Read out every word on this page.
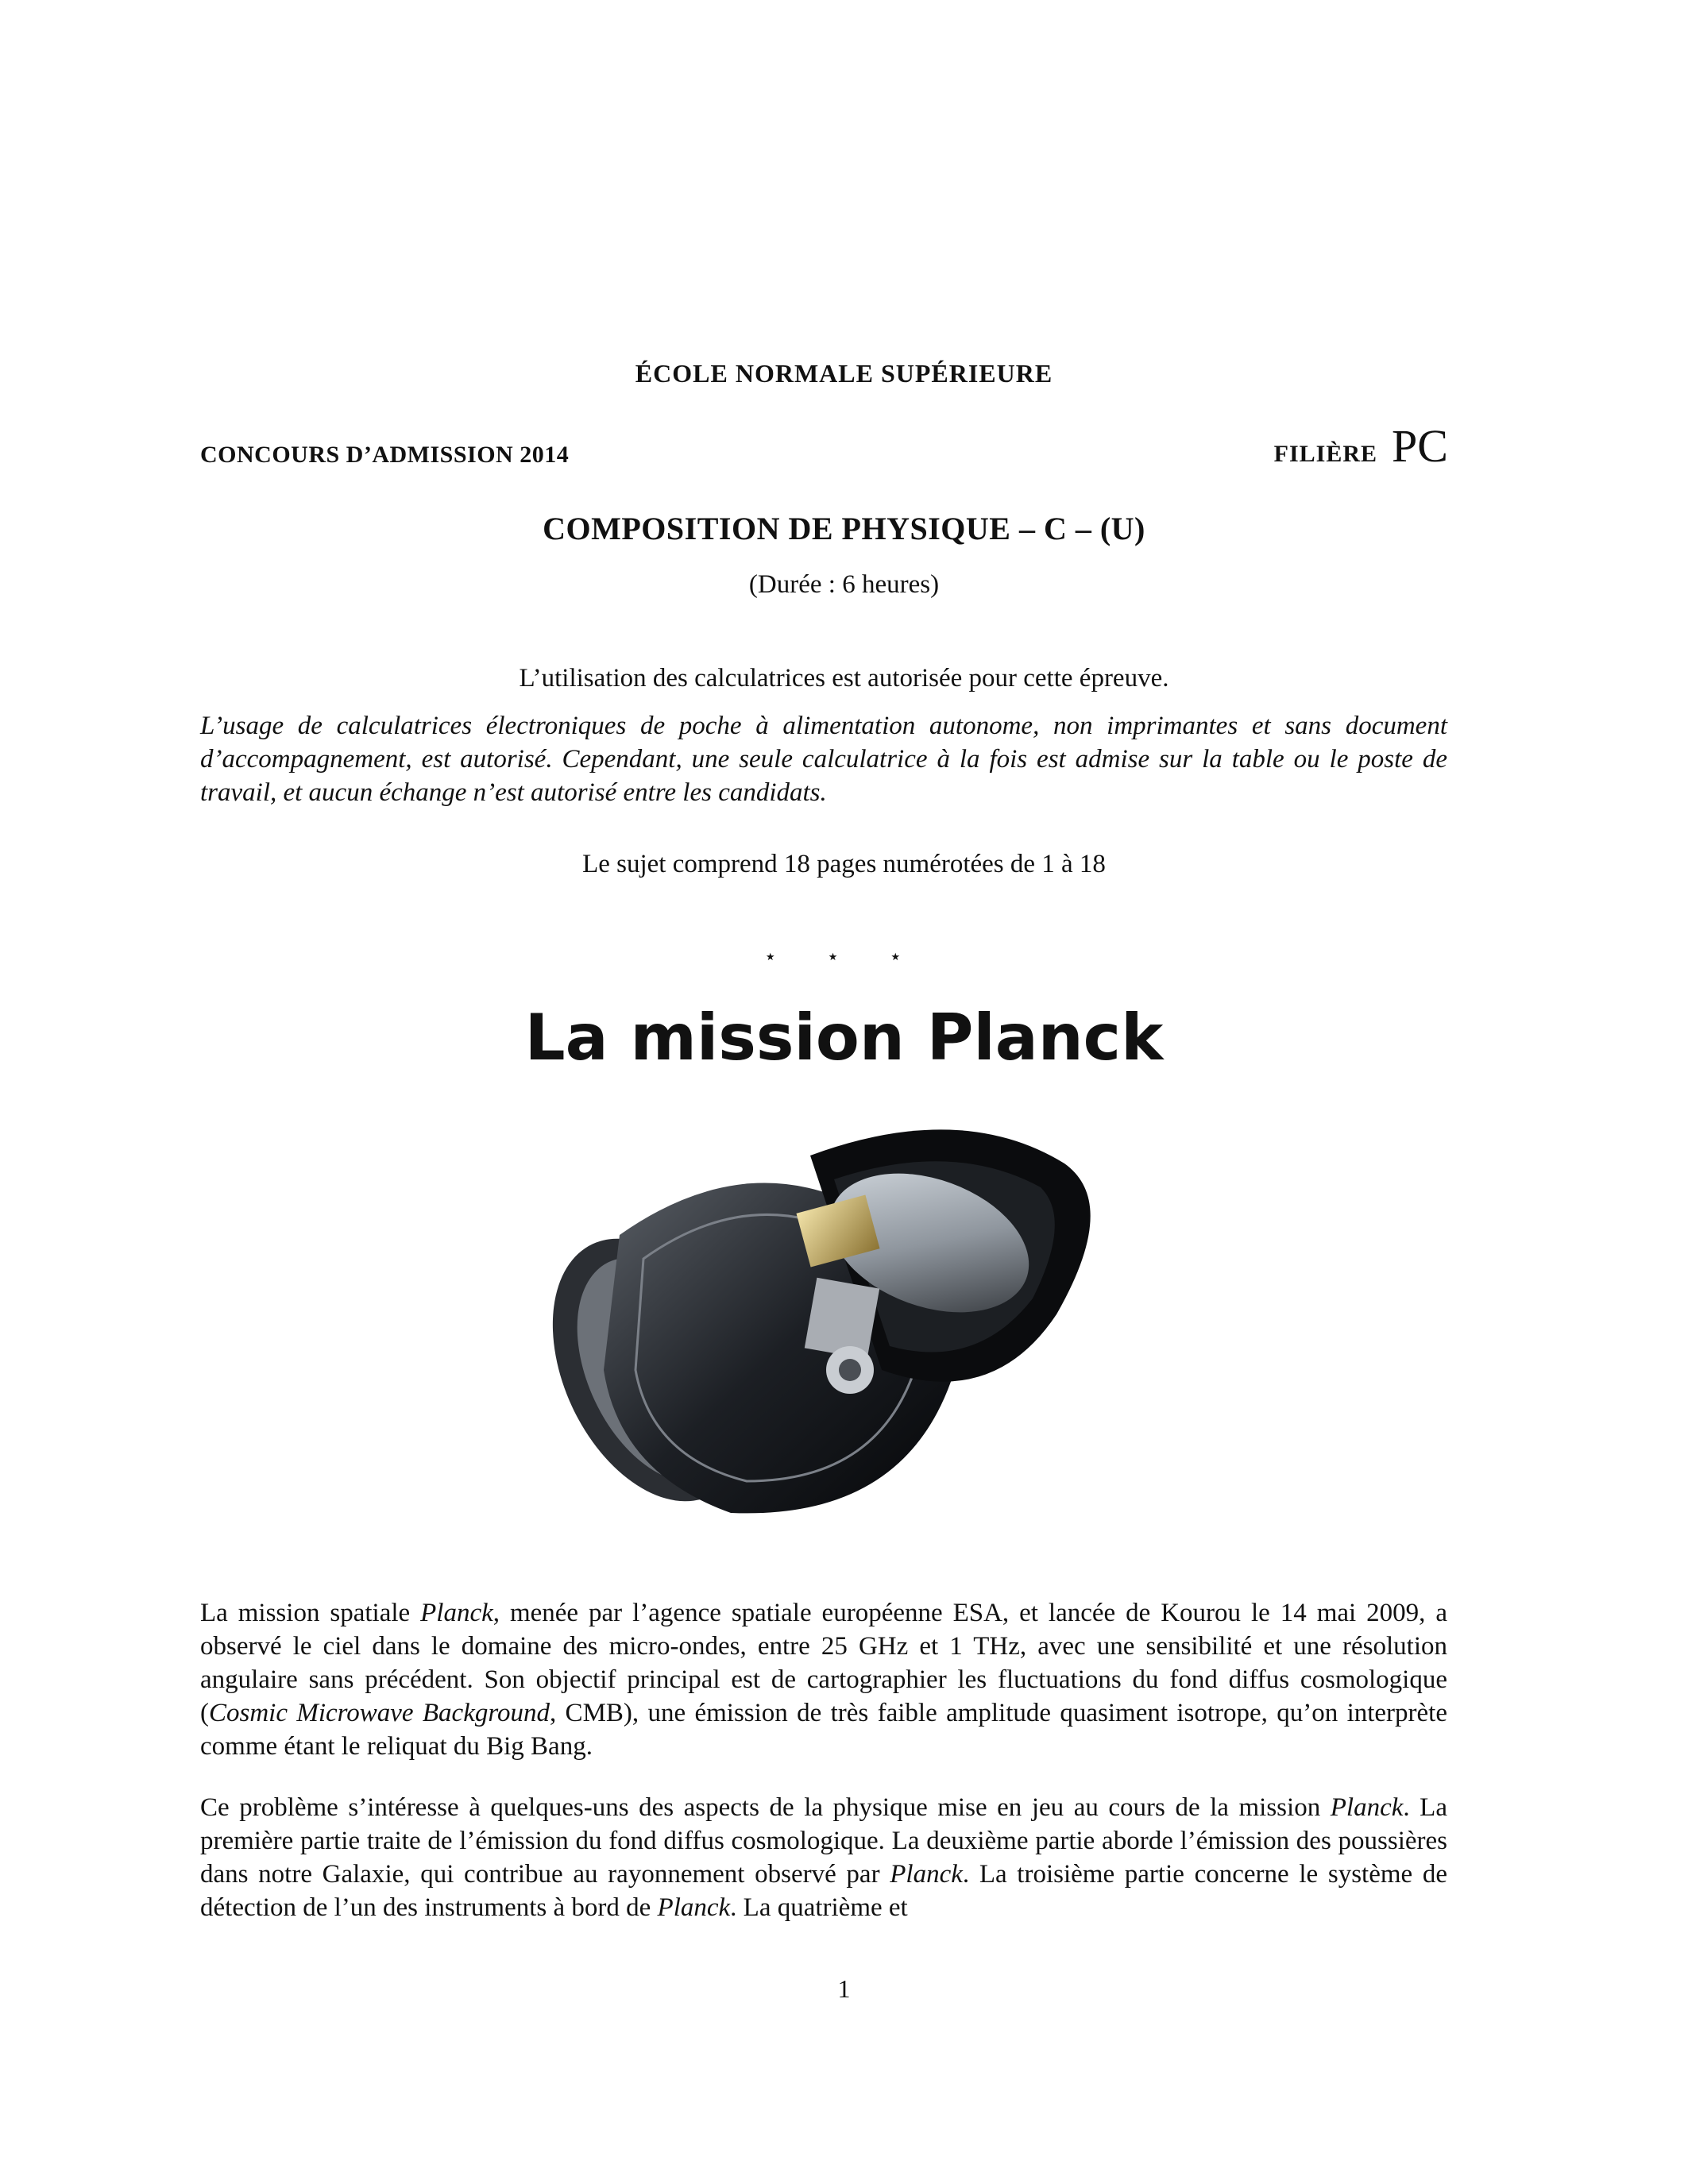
ÉCOLE NORMALE SUPÉRIEURE
CONCOURS D’ADMISSION 2014	FILIÈRE PC
COMPOSITION DE PHYSIQUE – C – (U)
(Durée : 6 heures)
L’utilisation des calculatrices est autorisée pour cette épreuve.
L’usage de calculatrices électroniques de poche à alimentation autonome, non imprimantes et sans document d’accompagnement, est autorisé. Cependant, une seule calculatrice à la fois est admise sur la table ou le poste de travail, et aucun échange n’est autorisé entre les candidats.
Le sujet comprend 18 pages numérotées de 1 à 18
⋆ ⋆ ⋆
La mission Planck
La mission spatiale Planck, menée par l’agence spatiale européenne ESA, et lancée de Kourou le 14 mai 2009, a observé le ciel dans le domaine des micro-ondes, entre 25 GHz et 1 THz, avec une sensibilité et une résolution angulaire sans précédent. Son objectif principal est de cartographier les fluctuations du fond diffus cosmologique (Cosmic Microwave Background, CMB), une émission de très faible amplitude quasiment isotrope, qu’on interprète comme étant le reliquat du Big Bang.
Ce problème s’intéresse à quelques-uns des aspects de la physique mise en jeu au cours de la mission Planck. La première partie traite de l’émission du fond diffus cosmologique. La deuxième partie aborde l’émission des poussières dans notre Galaxie, qui contribue au rayonnement observé par Planck. La troisième partie concerne le système de détection de l’un des instruments à bord de Planck. La quatrième et
1
